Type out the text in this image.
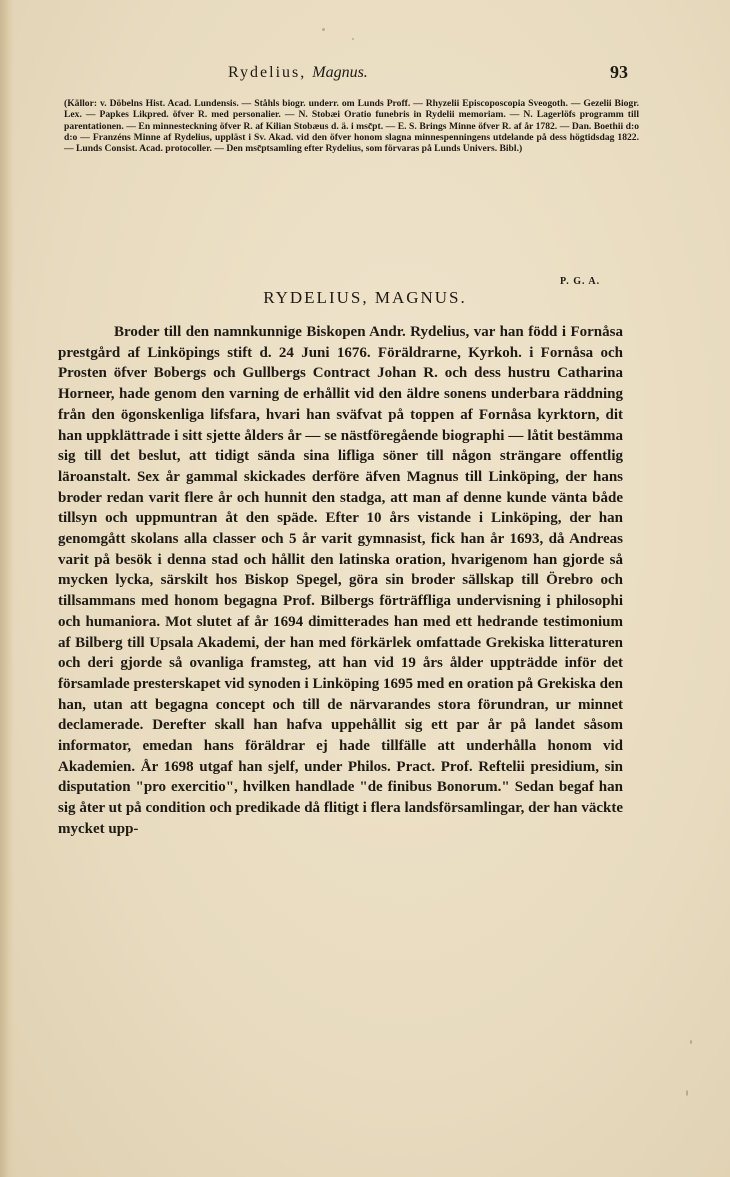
Rydelius, Magnus.	93

(Källor: v. Döbelns Hist. Acad. Lundensis. — Ståhls biogr. underr. om Lunds Proff. — Rhyzelii Episcoposcopia Sveogoth. — Gezelii Biogr. Lex. — Papkes Likpred. öfver R. med personalier. — N. Stobæi Oratio funebris in Rydelii memoriam. — N. Lagerlöfs programm till parentationen. — En minnesteckning öfver R. af Kilian Stobæus d. ä. i msc̃pt. — E. S. Brings Minne öfver R. af år 1782. — Dan. Boethii d:o d:o — Franzéns Minne af Rydelius, uppläst i Sv. Akad. vid den öfver honom slagna minnespenningens utdelande på dess högtidsdag 1822. — Lunds Consist. Acad. protocoller. — Den msc̃ptsamling efter Rydelius, som förvaras på Lunds Univers. Bibl.)

P. G. A.
RYDELIUS, MAGNUS.

Broder till den namnkunnige Biskopen Andr. Rydelius, var han född i Fornåsa prestgård af Linköpings stift d. 24 Juni 1676. Föräldrarne, Kyrkoh. i Fornåsa och Prosten öfver Bobergs och Gullbergs Contract Johan R. och dess hustru Catharina Horneer, hade genom den varning de erhållit vid den äldre sonens underbara räddning från den ögonskenliga lifsfara, hvari han sväfvat på toppen af Fornåsa kyrktorn, dit han uppklättrade i sitt sjette ålders år — se nästföregående biographi — låtit bestämma sig till det beslut, att tidigt sända sina lifliga söner till någon strängare offentlig läroanstalt. Sex år gammal skickades derföre äfven Magnus till Linköping, der hans broder redan varit flere år och hunnit den stadga, att man af denne kunde vänta både tillsyn och uppmuntran åt den späde. Efter 10 års vistande i Linköping, der han genomgått skolans alla classer och 5 år varit gymnasist, fick han år 1693, då Andreas varit på besök i denna stad och hållit den latinska oration, hvarigenom han gjorde så mycken lycka, särskilt hos Biskop Spegel, göra sin broder sällskap till Örebro och tillsammans med honom begagna Prof. Bilbergs förträffliga undervisning i philosophi och humaniora. Mot slutet af år 1694 dimitterades han med ett hedrande testimonium af Bilberg till Upsala Akademi, der han med förkärlek omfattade Grekiska litteraturen och deri gjorde så ovanliga framsteg, att han vid 19 års ålder uppträdde inför det församlade presterskapet vid synoden i Linköping 1695 med en oration på Grekiska den han, utan att begagna concept och till de närvarandes stora förundran, ur minnet declamerade. Derefter skall han hafva uppehållit sig ett par år på landet såsom informator, emedan hans föräldrar ej hade tillfälle att underhålla honom vid Akademien. År 1698 utgaf han sjelf, under Philos. Pract. Prof. Reftelii presidium, sin disputation "pro exercitio", hvilken handlade "de finibus Bonorum." Sedan begaf han sig åter ut på condition och predikade då flitigt i flera landsförsamlingar, der han väckte mycket upp-
